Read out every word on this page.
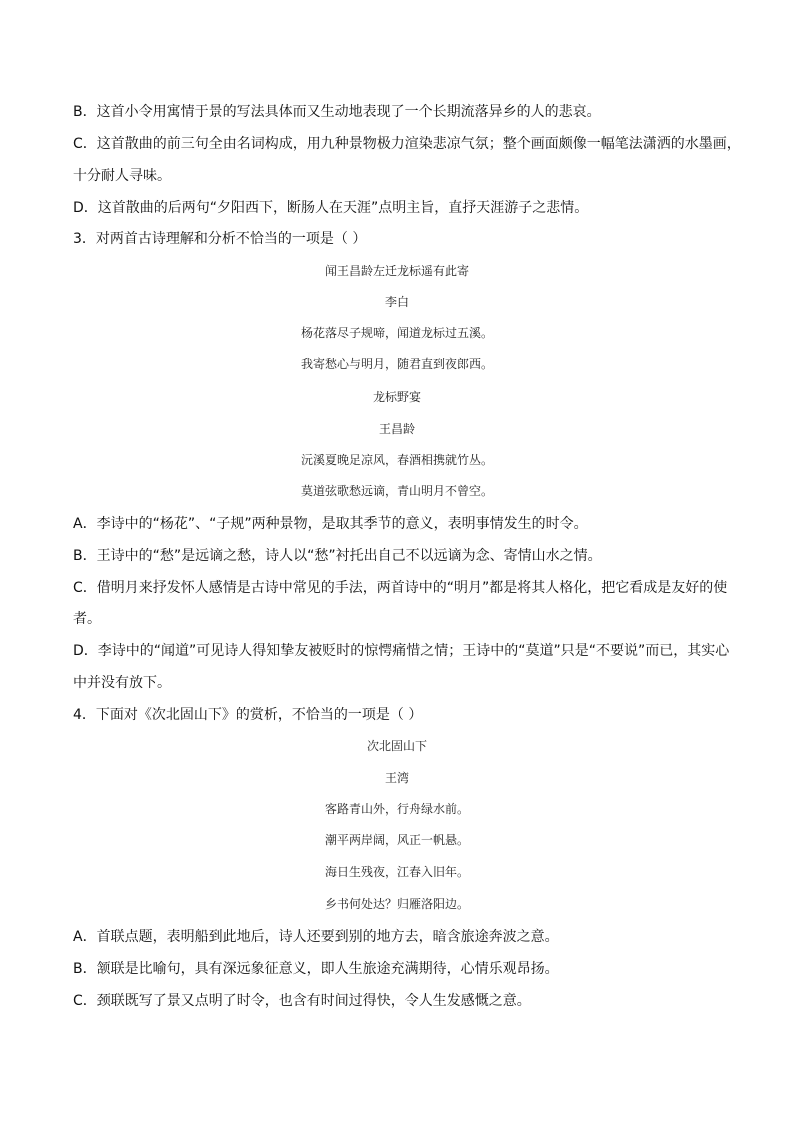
B．这首小令用寓情于景的写法具体而又生动地表现了一个长期流落异乡的人的悲哀。
C．这首散曲的前三句全由名词构成，用九种景物极力渲染悲凉气氛；整个画面颇像一幅笔法潇洒的水墨画，
十分耐人寻味。
D．这首散曲的后两句“夕阳西下，断肠人在天涯”点明主旨，直抒天涯游子之悲情。
3．对两首古诗理解和分析不恰当的一项是（ ）
闻王昌龄左迁龙标遥有此寄
李白
杨花落尽子规啼，闻道龙标过五溪。
我寄愁心与明月，随君直到夜郎西。
龙标野宴
王昌龄
沅溪夏晚足凉风，春酒相携就竹丛。
莫道弦歌愁远谪，青山明月不曾空。
A．李诗中的“杨花”、“子规”两种景物，是取其季节的意义，表明事情发生的时令。
B．王诗中的“愁”是远谪之愁，诗人以“愁”衬托出自己不以远谪为念、寄情山水之情。
C．借明月来抒发怀人感情是古诗中常见的手法，两首诗中的“明月”都是将其人格化，把它看成是友好的使
者。
D．李诗中的“闻道”可见诗人得知挚友被贬时的惊愕痛惜之情；王诗中的“莫道”只是“不要说”而已，其实心
中并没有放下。
4．下面对《次北固山下》的赏析，不恰当的一项是（ ）
次北固山下
王湾
客路青山外，行舟绿水前。
潮平两岸阔，风正一帆悬。
海日生残夜，江春入旧年。
乡书何处达？归雁洛阳边。
A．首联点题，表明船到此地后，诗人还要到别的地方去，暗含旅途奔波之意。
B．颔联是比喻句，具有深远象征意义，即人生旅途充满期待，心情乐观昂扬。
C．颈联既写了景又点明了时令，也含有时间过得快，令人生发感慨之意。
